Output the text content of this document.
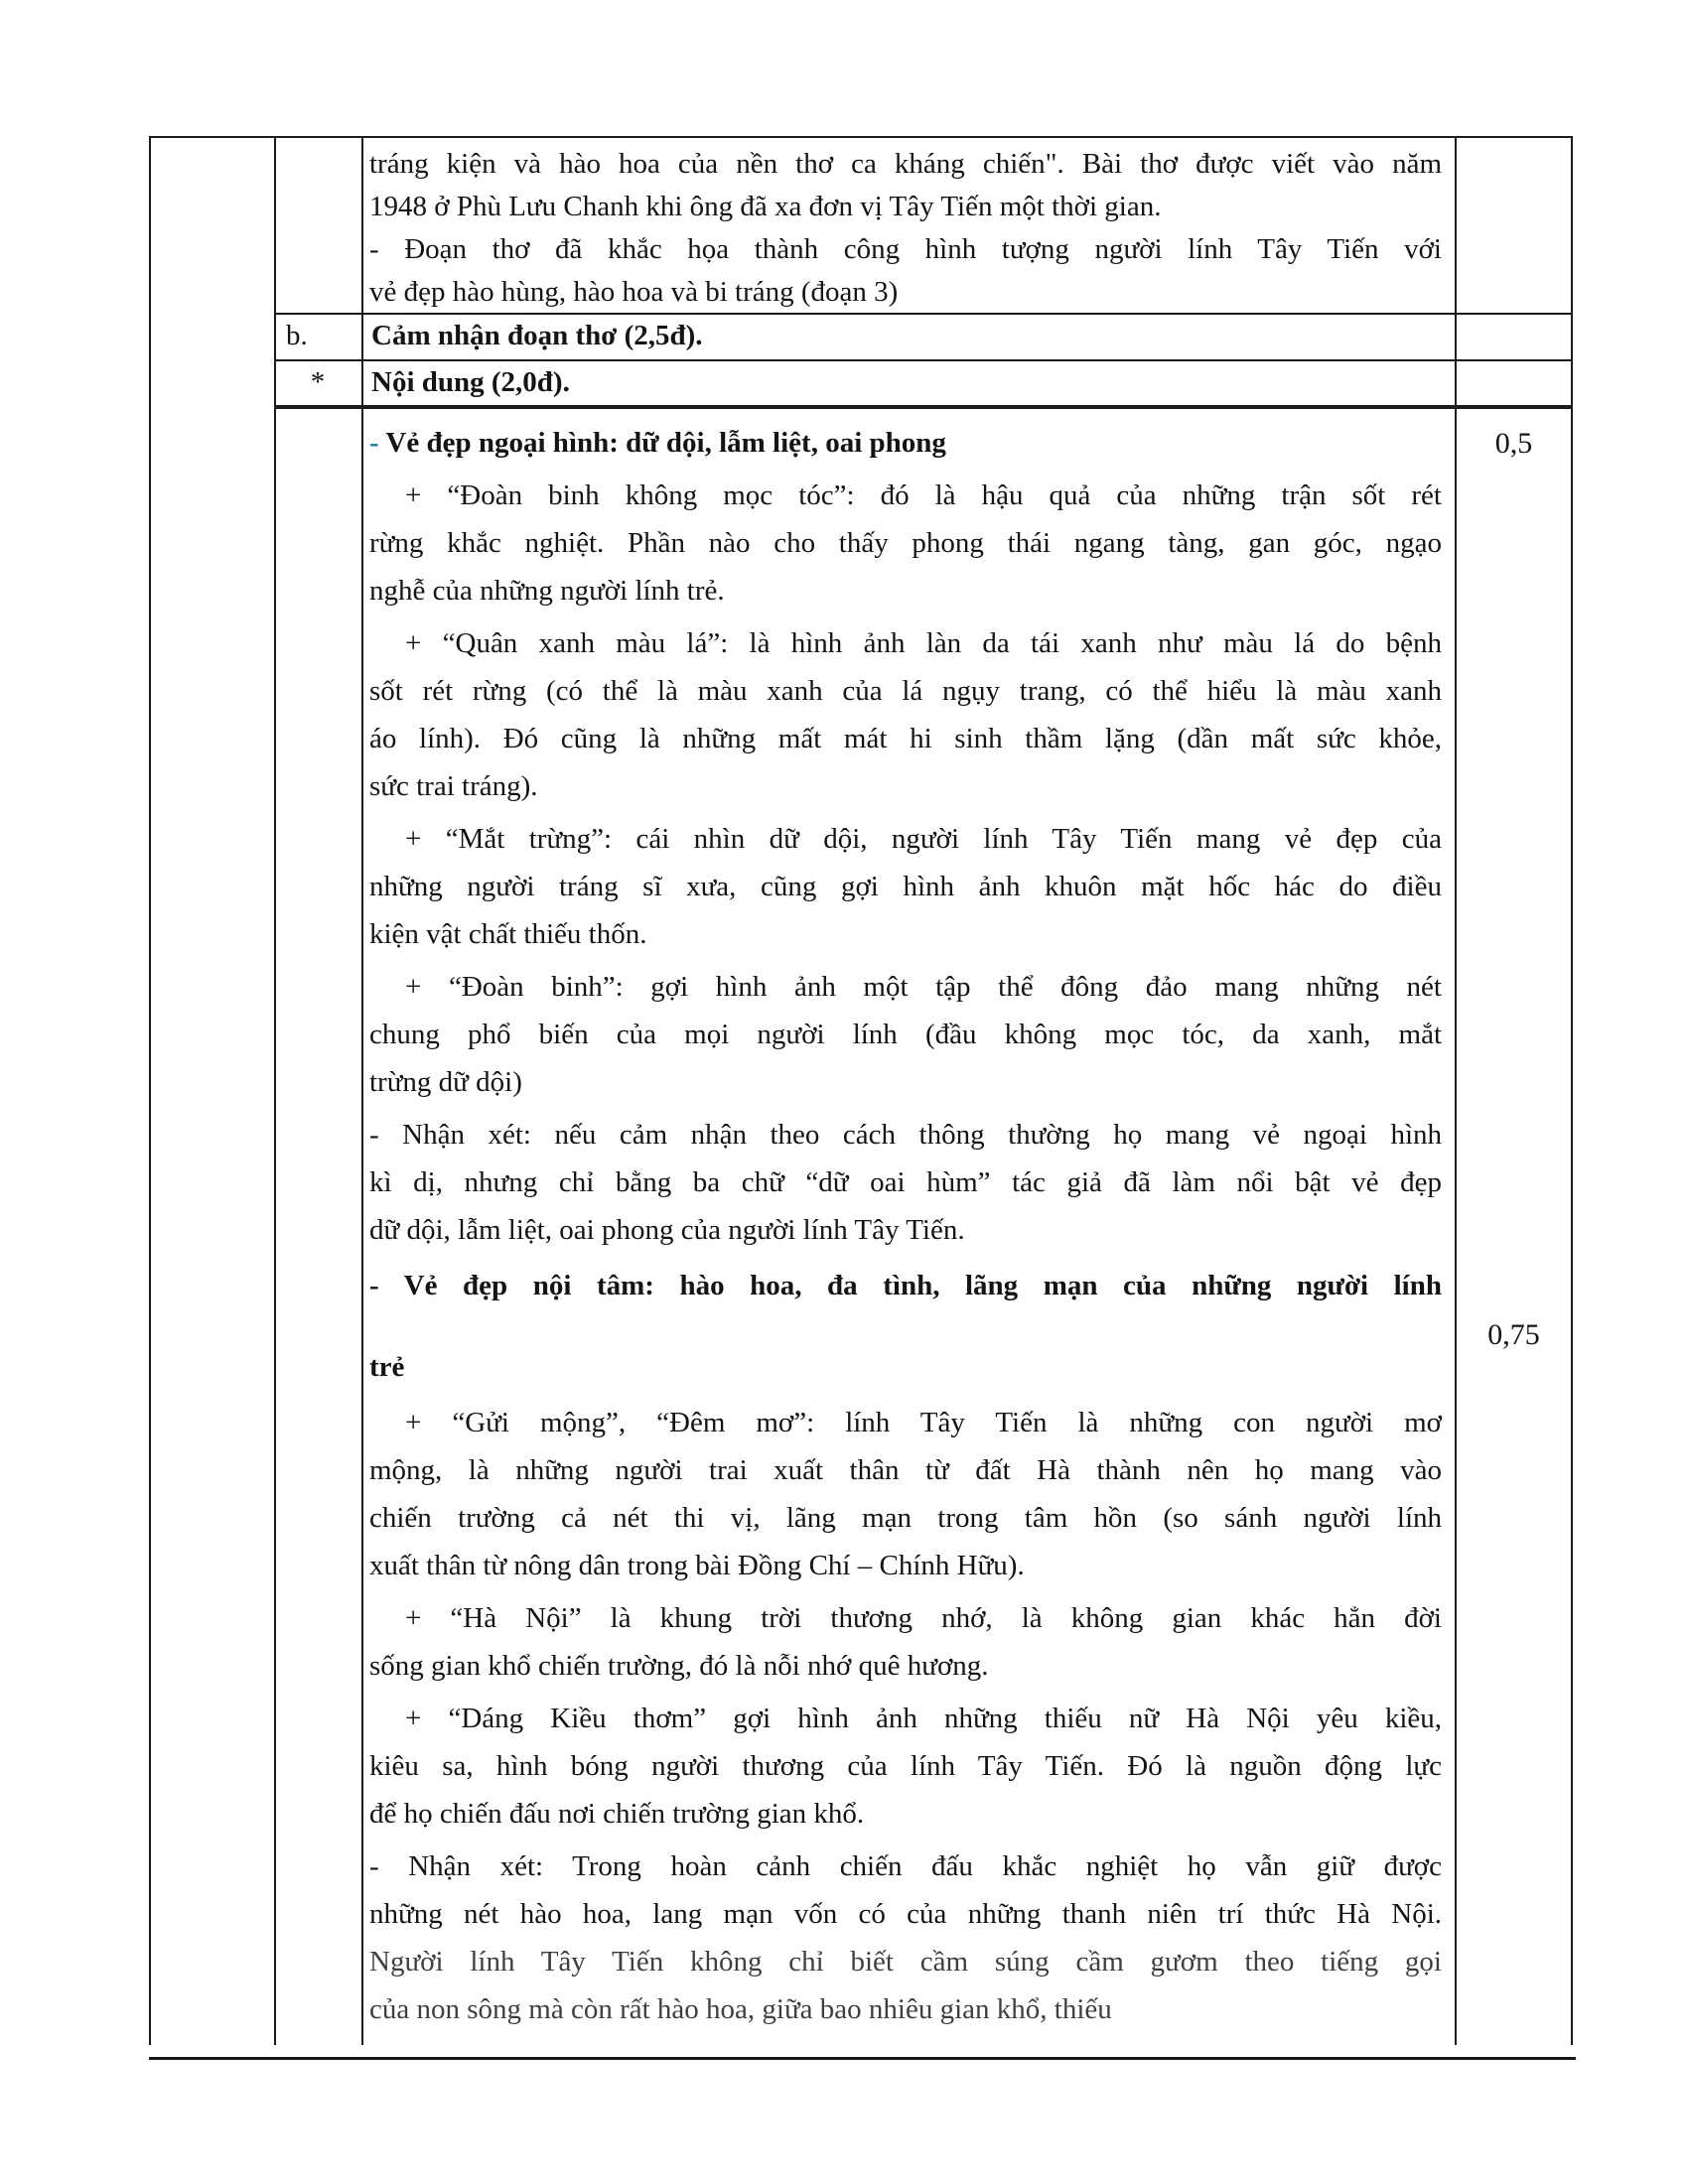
tráng kiện và hào hoa của nền thơ ca kháng chiến". Bài thơ được viết vào năm
1948 ở Phù Lưu Chanh khi ông đã xa đơn vị Tây Tiến một thời gian.
- Đoạn thơ đã khắc họa thành công hình tượng người lính Tây Tiến với
vẻ đẹp hào hùng, hào hoa và bi tráng (đoạn 3)
b.	Cảm nhận đoạn thơ (2,5đ).
*	Nội dung (2,0đ).
- Vẻ đẹp ngoại hình: dữ dội, lẫm liệt, oai phong
+ “Đoàn binh không mọc tóc”: đó là hậu quả của những trận sốt rét
rừng khắc nghiệt. Phần nào cho thấy phong thái ngang tàng, gan góc, ngạo
nghễ của những người lính trẻ.
+ “Quân xanh màu lá”: là hình ảnh làn da tái xanh như màu lá do bệnh
sốt rét rừng (có thể là màu xanh của lá ngụy trang, có thể hiểu là màu xanh
áo lính). Đó cũng là những mất mát hi sinh thầm lặng (dần mất sức khỏe,
sức trai tráng).
+ “Mắt trừng”: cái nhìn dữ dội, người lính Tây Tiến mang vẻ đẹp của
những người tráng sĩ xưa, cũng gợi hình ảnh khuôn mặt hốc hác do điều
kiện vật chất thiếu thốn.
+ “Đoàn binh”: gợi hình ảnh một tập thể đông đảo mang những nét
chung phổ biến của mọi người lính (đầu không mọc tóc, da xanh, mắt
trừng dữ dội)
- Nhận xét: nếu cảm nhận theo cách thông thường họ mang vẻ ngoại hình
kì dị, nhưng chỉ bằng ba chữ “dữ oai hùm” tác giả đã làm nổi bật vẻ đẹp
dữ dội, lẫm liệt, oai phong của người lính Tây Tiến.
- Vẻ đẹp nội tâm: hào hoa, đa tình, lãng mạn của những người lính
trẻ
+ “Gửi mộng”, “Đêm mơ”: lính Tây Tiến là những con người mơ
mộng, là những người trai xuất thân từ đất Hà thành nên họ mang vào
chiến trường cả nét thi vị, lãng mạn trong tâm hồn (so sánh người lính
xuất thân từ nông dân trong bài Đồng Chí – Chính Hữu).
+ “Hà Nội” là khung trời thương nhớ, là không gian khác hẳn đời
sống gian khổ chiến trường, đó là nỗi nhớ quê hương.
+ “Dáng Kiều thơm” gợi hình ảnh những thiếu nữ Hà Nội yêu kiều,
kiêu sa, hình bóng người thương của lính Tây Tiến. Đó là nguồn động lực
để họ chiến đấu nơi chiến trường gian khổ.
- Nhận xét: Trong hoàn cảnh chiến đấu khắc nghiệt họ vẫn giữ được
những nét hào hoa, lang mạn vốn có của những thanh niên trí thức Hà Nội.
Người lính Tây Tiến không chỉ biết cầm súng cầm gươm theo tiếng gọi
của non sông mà còn rất hào hoa, giữa bao nhiêu gian khổ, thiếu
0,5
0,75
